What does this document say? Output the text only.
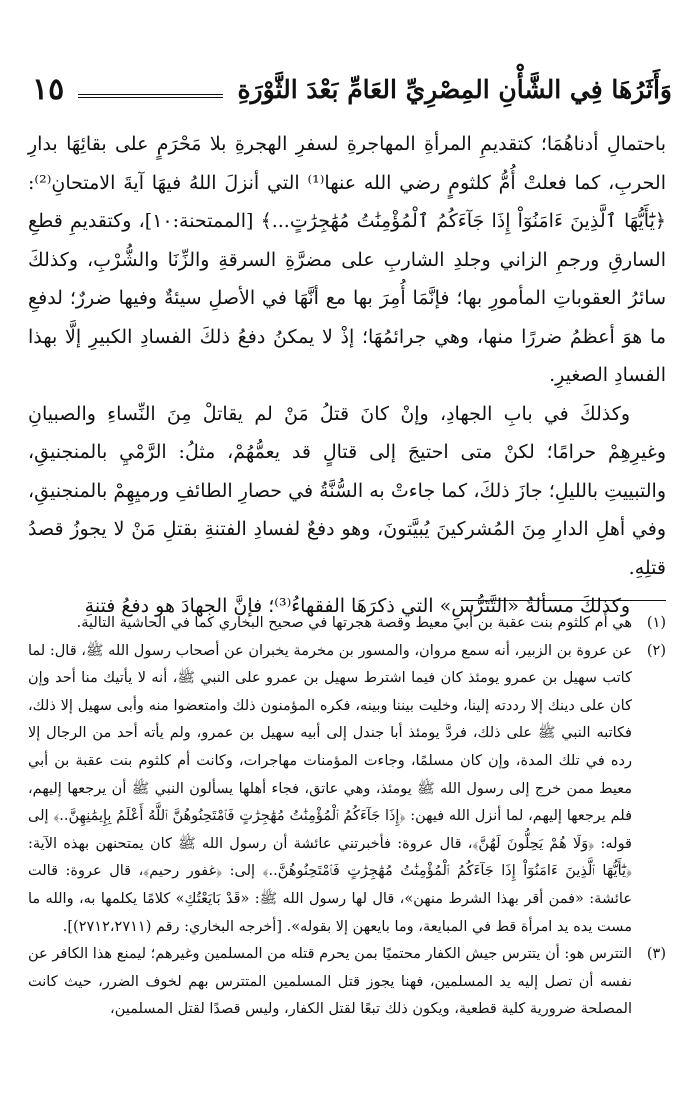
١٥	وَأَثَرُهَا فِي الشَّأْنِ المِصْرِيِّ العَامِّ بَعْدَ الثَّوْرَةِ

باحتمالِ أدناهُمَا؛ كتقديمِ المرأةِ المهاجرةِ لسفرِ الهجرةِ بلا مَحْرَمٍ على بقائِهَا بدارِ الحربِ، كما فعلتْ أُمُّ كلثومٍ رضي الله عنها⁽¹⁾ التي أنزلَ اللهُ فيهَا آيةَ الامتحانِ⁽²⁾: ﴿يَٰٓأَيُّهَا ٱلَّذِينَ ءَامَنُوٓاْ إِذَا جَآءَكُمُ ٱلْمُؤْمِنَٰتُ مُهَٰجِرَٰتٍ...﴾ [الممتحنة:١٠]، وكتقديمِ قطعِ السارقِ ورجمِ الزاني وجلدِ الشاربِ على مضرَّةِ السرقةِ والزِّنَا والشُّرْبِ، وكذلكَ سائرُ العقوباتِ المأمورِ بها؛ فإنَّمَا أُمِرَ بها مع أنَّهَا في الأصلِ سيئةٌ وفيها ضررٌ؛ لدفعِ ما هوَ أعظمُ ضررًا منها، وهي جرائمُهَا؛ إذْ لا يمكنُ دفعُ ذلكَ الفسادِ الكبيرِ إلَّا بهذا الفسادِ الصغيرِ.

وكذلكَ في بابِ الجهادِ، وإنْ كانَ قتلُ مَنْ لم يقاتلْ مِنَ النِّساءِ والصبيانِ وغيرِهِمْ حرامًا؛ لكنْ متى احتيجَ إلى قتالٍ قد يعمُّهُمْ، مثلُ: الرَّمْيِ بالمنجنيقِ، والتبييتِ بالليلِ؛ جازَ ذلكَ، كما جاءتْ به السُّنَّةُ في حصارِ الطائفِ ورميِهِمْ بالمنجنيقِ، وفي أهلِ الدارِ مِنَ المُشركينَ يُبيَّتونَ، وهو دفعٌ لفسادِ الفتنةِ بقتلِ مَنْ لا يجوزُ قصدُ قتلِهِ.

وكذلكَ مسألةُ «التَّتَرُّسِ» التي ذكرَهَا الفقهاءُ⁽³⁾؛ فإنَّ الجهادَ هو دفعُ فتنةِ

(١)
هي أم كلثوم بنت عقبة بن أبي معيط وقصة هجرتها في صحيح البخاري كما في الحاشية التالية.
(٢)
عن عروة بن الزبير، أنه سمع مروان، والمسور بن مخرمة يخبران عن أصحاب رسول الله ﷺ، قال: لما كاتب سهيل بن عمرو يومئذ كان فيما اشترط سهيل بن عمرو على النبي ﷺ، أنه لا يأتيك منا أحد وإن كان على دينك إلا رددته إلينا، وخليت بيننا وبينه، فكره المؤمنون ذلك وامتعضوا منه وأبى سهيل إلا ذلك، فكاتبه النبي ﷺ على ذلك، فردَّ يومئذ أبا جندل إلى أبيه سهيل بن عمرو، ولم يأته أحد من الرجال إلا رده في تلك المدة، وإن كان مسلمًا، وجاءت المؤمنات مهاجرات، وكانت أم كلثوم بنت عقبة بن أبي معيط ممن خرج إلى رسول الله ﷺ يومئذ، وهي عاتق، فجاء أهلها يسألون النبي ﷺ أن يرجعها إليهم، فلم يرجعها إليهم، لما أنزل الله فيهن: ﴿إِذَا جَآءَكُمُ ٱلْمُؤْمِنَٰتُ مُهَٰجِرَٰتٍ فَٱمْتَحِنُوهُنَّ ٱللَّهُ أَعْلَمُ بِإِيمَٰنِهِنَّ..﴾ إلى قوله: ﴿وَلَا هُمْ يَحِلُّونَ لَهُنَّ﴾، قال عروة: فأخبرتني عائشة أن رسول الله ﷺ كان يمتحنهن بهذه الآية: ﴿يَٰٓأَيُّهَا ٱلَّذِينَ ءَامَنُوٓاْ إِذَا جَآءَكُمُ ٱلْمُؤْمِنَٰتُ مُهَٰجِرَٰتٍ فَٱمْتَحِنُوهُنَّ..﴾ إلى: ﴿غفور رحيم﴾، قال عروة: قالت عائشة: «فمن أقر بهذا الشرط منهن»، قال لها رسول الله ﷺ: «قَدْ بَايَعْتُكِ» كلامًا يكلمها به، والله ما مست يده يد امرأة قط في المبايعة، وما بايعهن إلا بقوله». [أخرجه البخاري: رقم (٢٧١٢،٢٧١١)].
(٣)
التترس هو: أن يتترس جيش الكفار محتميًا بمن يحرم قتله من المسلمين وغيرهم؛ ليمنع هذا الكافر عن نفسه أن تصل إليه يد المسلمين، فهنا يجوز قتل المسلمين المتترس بهم لخوف الضرر، حيث كانت المصلحة ضرورية كلية قطعية، ويكون ذلك تبعًا لقتل الكفار، وليس قصدًا لقتل المسلمين،
